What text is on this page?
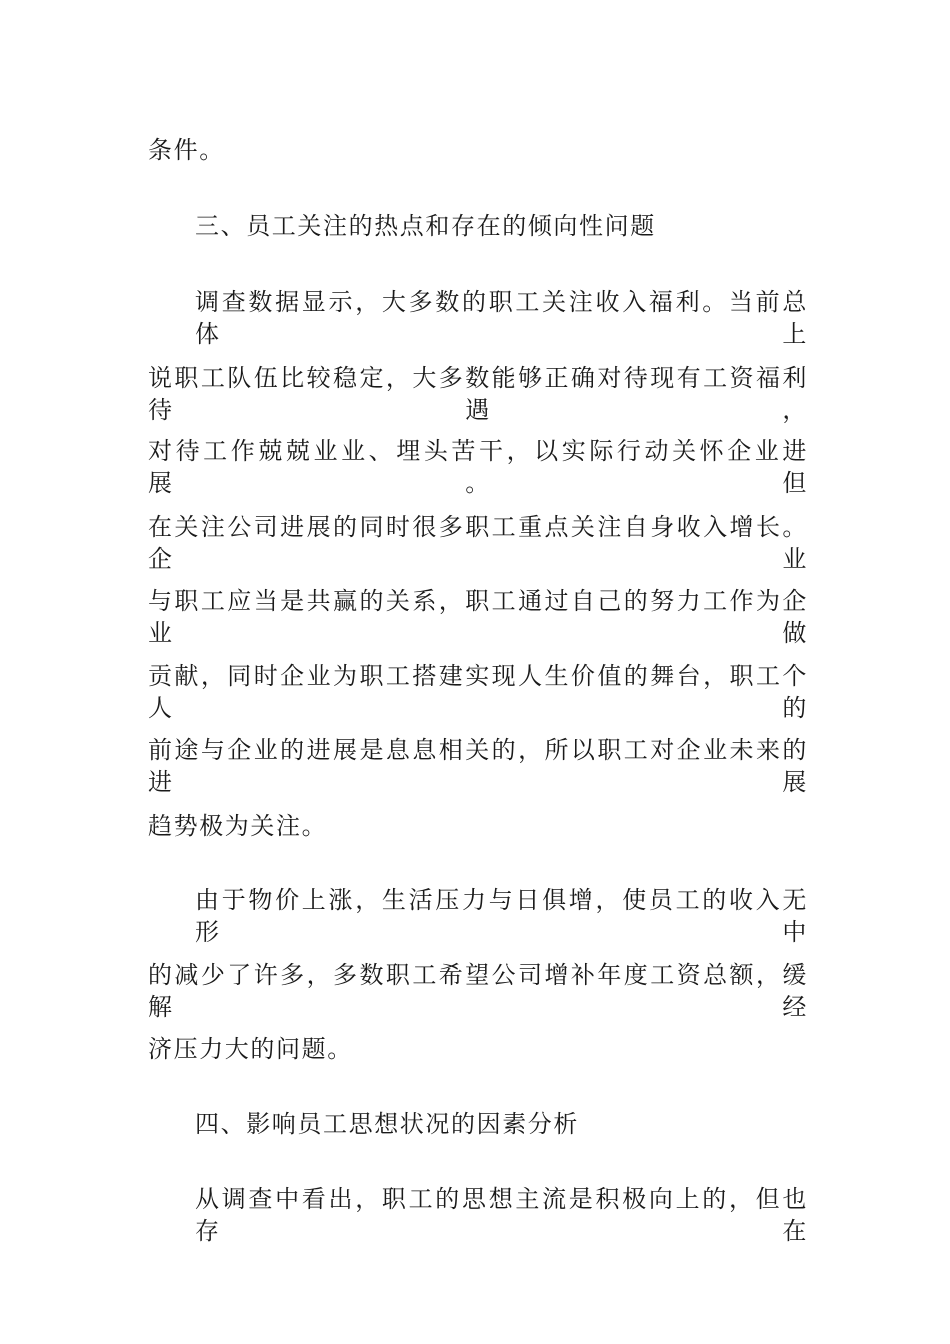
条件。
三、员工关注的热点和存在的倾向性问题
调查数据显示，大多数的职工关注收入福利。当前总体上
说职工队伍比较稳定，大多数能够正确对待现有工资福利待遇，
对待工作兢兢业业、埋头苦干，以实际行动关怀企业进展。但
在关注公司进展的同时很多职工重点关注自身收入增长。企业
与职工应当是共赢的关系，职工通过自己的努力工作为企业做
贡献，同时企业为职工搭建实现人生价值的舞台，职工个人的
前途与企业的进展是息息相关的，所以职工对企业未来的进展
趋势极为关注。
由于物价上涨，生活压力与日俱增，使员工的收入无形中
的减少了许多，多数职工希望公司增补年度工资总额，缓解经
济压力大的问题。
四、影响员工思想状况的因素分析
从调查中看出，职工的思想主流是积极向上的，但也存在
